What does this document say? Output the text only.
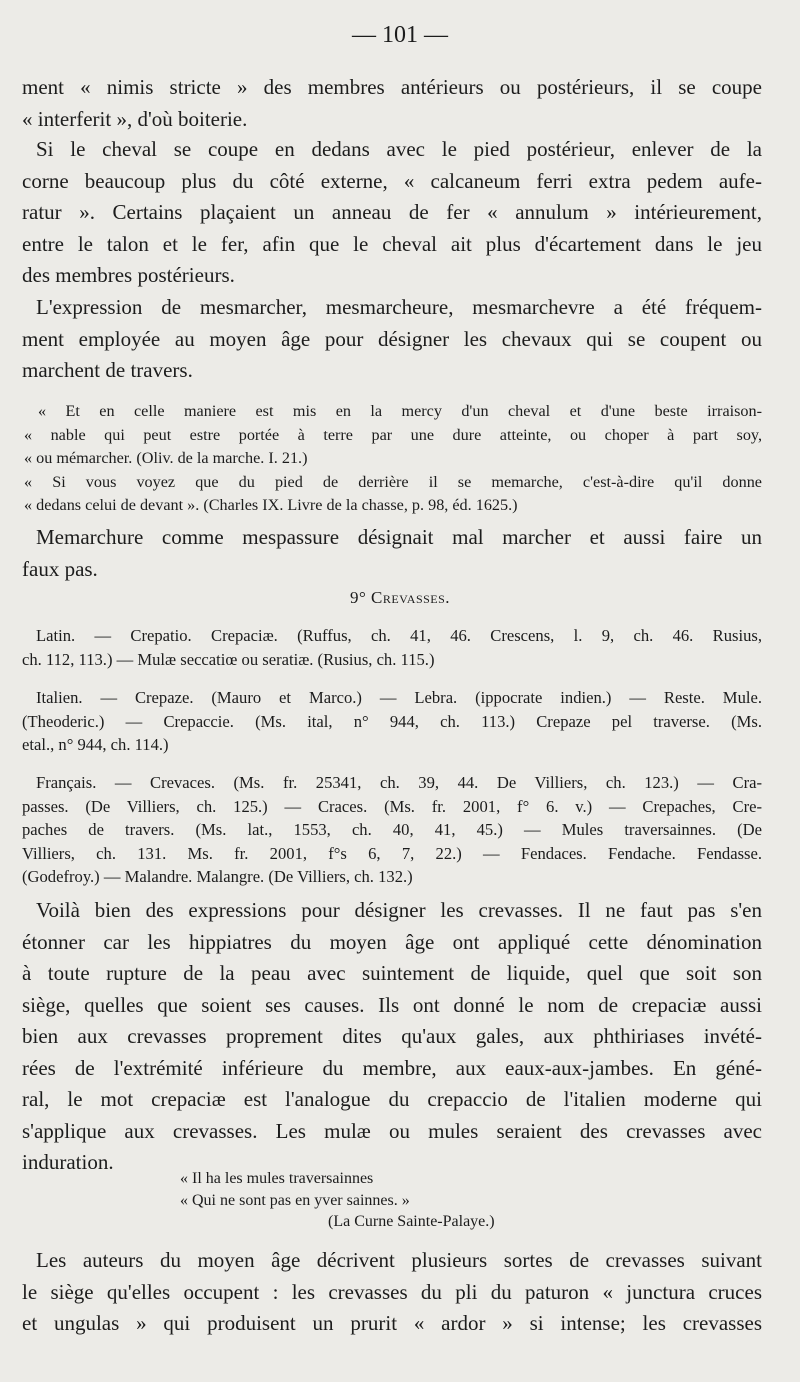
— 101 —
ment « nimis stricte » des membres antérieurs ou postérieurs, il se coupe
« interferit », d'où boiterie.
Si le cheval se coupe en dedans avec le pied postérieur, enlever de la
corne beaucoup plus du côté externe, « calcaneum ferri extra pedem aufe-
ratur ». Certains plaçaient un anneau de fer « annulum » intérieurement,
entre le talon et le fer, afin que le cheval ait plus d'écartement dans le jeu
des membres postérieurs.
L'expression de mesmarcher, mesmarcheure, mesmarchevre a été fréquem-
ment employée au moyen âge pour désigner les chevaux qui se coupent ou
marchent de travers.
« Et en celle maniere est mis en la mercy d'un cheval et d'une beste irraison-
« nable qui peut estre portée à terre par une dure atteinte, ou choper à part soy,
« ou mémarcher. (Oliv. de la marche. I. 21.)
« Si vous voyez que du pied de derrière il se memarche, c'est-à-dire qu'il donne
« dedans celui de devant ». (Charles IX. Livre de la chasse, p. 98, éd. 1625.)
Memarchure comme mespassure désignait mal marcher et aussi faire un
faux pas.
9° Crevasses.
Latin. — Crepatio. Crepaciæ. (Ruffus, ch. 41, 46. Crescens, l. 9, ch. 46. Rusius,
ch. 112, 113.) — Mulæ seccatiœ ou seratiæ. (Rusius, ch. 115.)
Italien. — Crepaze. (Mauro et Marco.) — Lebra. (ippocrate indien.) — Reste. Mule.
(Theoderic.) — Crepaccie. (Ms. ital, n° 944, ch. 113.) Crepaze pel traverse. (Ms.
etal., n° 944, ch. 114.)
Français. — Crevaces. (Ms. fr. 25341, ch. 39, 44. De Villiers, ch. 123.) — Cra-
passes. (De Villiers, ch. 125.) — Craces. (Ms. fr. 2001, f° 6. v.) — Crepaches, Cre-
paches de travers. (Ms. lat., 1553, ch. 40, 41, 45.) — Mules traversainnes. (De
Villiers, ch. 131. Ms. fr. 2001, f°s 6, 7, 22.) — Fendaces. Fendache. Fendasse.
(Godefroy.) — Malandre. Malangre. (De Villiers, ch. 132.)
Voilà bien des expressions pour désigner les crevasses. Il ne faut pas s'en
étonner car les hippiatres du moyen âge ont appliqué cette dénomination
à toute rupture de la peau avec suintement de liquide, quel que soit son
siège, quelles que soient ses causes. Ils ont donné le nom de crepaciæ aussi
bien aux crevasses proprement dites qu'aux gales, aux phthiriases invété-
rées de l'extrémité inférieure du membre, aux eaux-aux-jambes. En géné-
ral, le mot crepaciæ est l'analogue du crepaccio de l'italien moderne qui
s'applique aux crevasses. Les mulæ ou mules seraient des crevasses avec
induration.
« Il ha les mules traversainnes
« Qui ne sont pas en yver sainnes. »
(La Curne Sainte-Palaye.)
Les auteurs du moyen âge décrivent plusieurs sortes de crevasses suivant
le siège qu'elles occupent : les crevasses du pli du paturon « junctura cruces
et ungulas » qui produisent un prurit « ardor » si intense; les crevasses
